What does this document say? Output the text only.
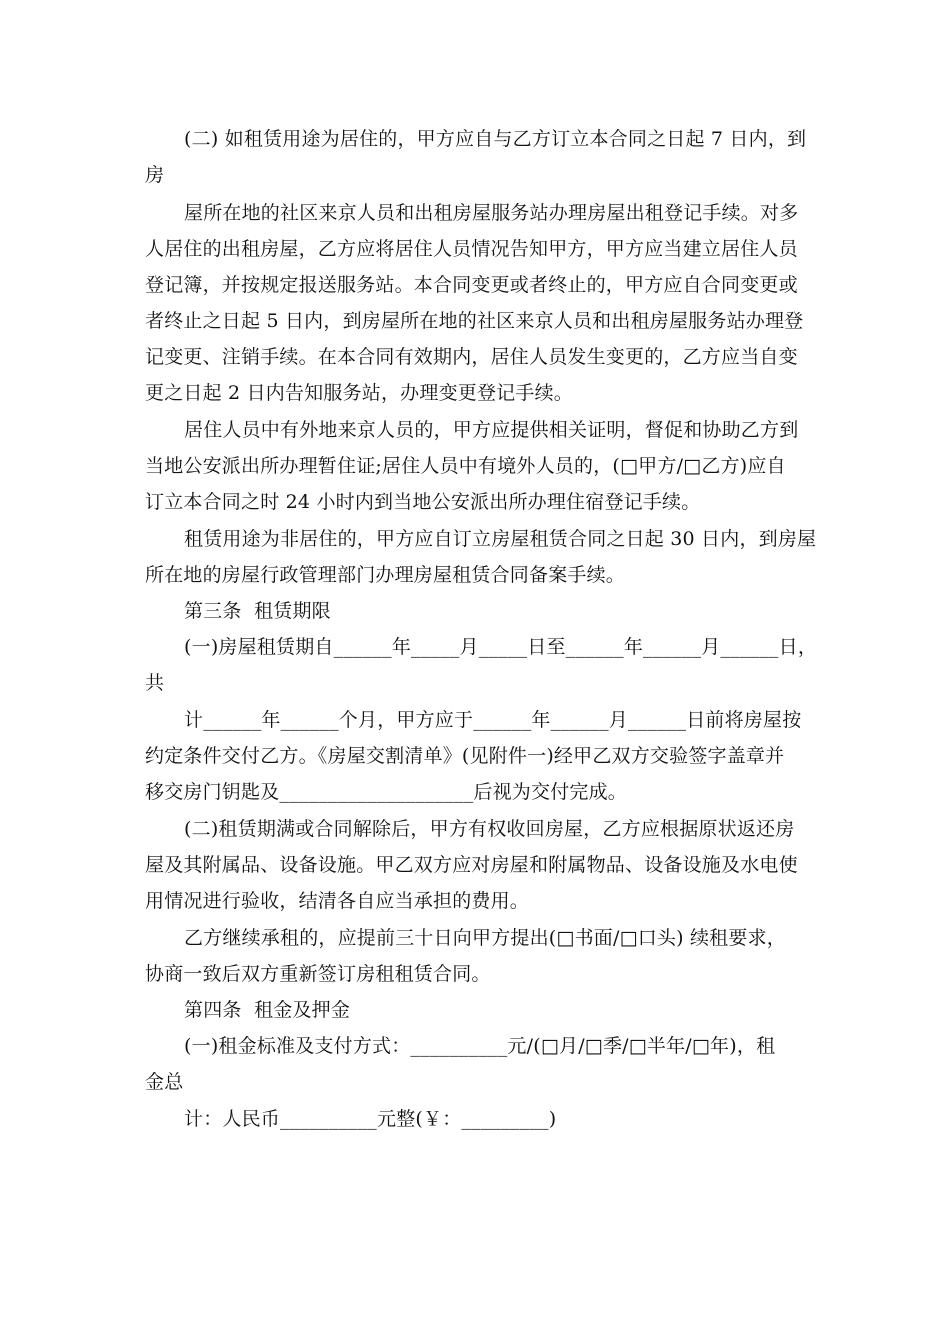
(二) 如租赁用途为居住的，甲方应自与乙方订立本合同之日起 7 日内，到
房
屋所在地的社区来京人员和出租房屋服务站办理房屋出租登记手续。对多
人居住的出租房屋，乙方应将居住人员情况告知甲方，甲方应当建立居住人员
登记簿，并按规定报送服务站。本合同变更或者终止的，甲方应自合同变更或
者终止之日起 5 日内，到房屋所在地的社区来京人员和出租房屋服务站办理登
记变更、注销手续。在本合同有效期内，居住人员发生变更的，乙方应当自变
更之日起 2 日内告知服务站，办理变更登记手续。
居住人员中有外地来京人员的，甲方应提供相关证明，督促和协助乙方到
当地公安派出所办理暂住证;居住人员中有境外人员的，(□甲方/□乙方)应自
订立本合同之时 24 小时内到当地公安派出所办理住宿登记手续。
租赁用途为非居住的，甲方应自订立房屋租赁合同之日起 30 日内，到房屋
所在地的房屋行政管理部门办理房屋租赁合同备案手续。
第三条  租赁期限
(一)房屋租赁期自______年_____月_____日至______年______月______日，
共
计______年______个月，甲方应于______年______月______日前将房屋按
约定条件交付乙方。《房屋交割清单》(见附件一)经甲乙双方交验签字盖章并
移交房门钥匙及____________________后视为交付完成。
(二)租赁期满或合同解除后，甲方有权收回房屋，乙方应根据原状返还房
屋及其附属品、设备设施。甲乙双方应对房屋和附属物品、设备设施及水电使
用情况进行验收，结清各自应当承担的费用。
乙方继续承租的，应提前三十日向甲方提出(□书面/□口头) 续租要求，
协商一致后双方重新签订房租租赁合同。
第四条  租金及押金
(一)租金标准及支付方式：__________元/(□月/□季/□半年/□年)，租
金总
计：人民币__________元整(￥：_________)
